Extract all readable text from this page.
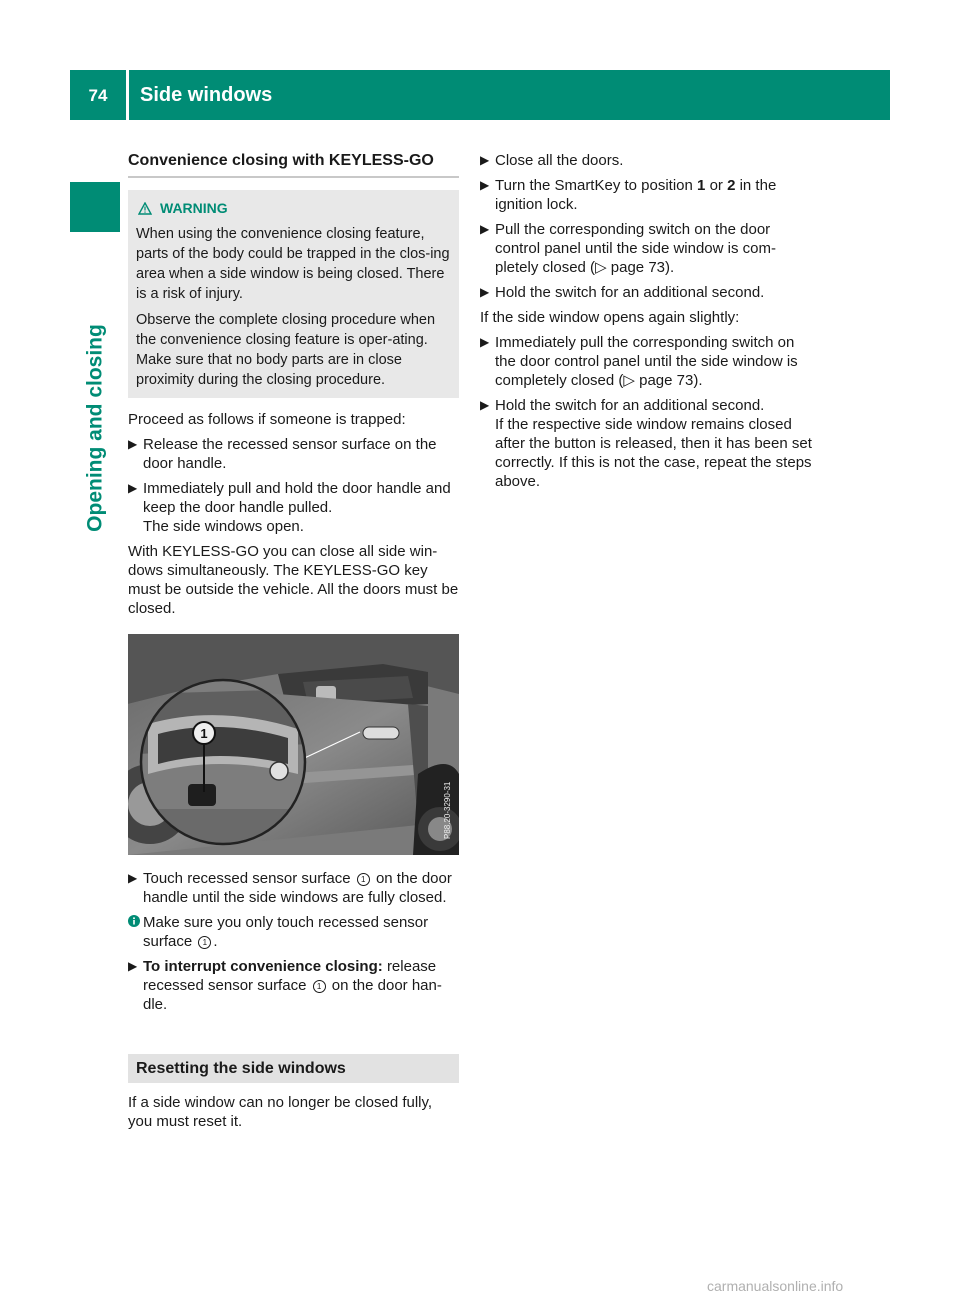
74	Side windows
Opening and closing
Convenience closing with KEYLESS-GO
WARNING

When using the convenience closing feature, parts of the body could be trapped in the clos-ing area when a side window is being closed. There is a risk of injury.

Observe the complete closing procedure when the convenience closing feature is oper-ating. Make sure that no body parts are in close proximity during the closing procedure.

Proceed as follows if someone is trapped:

▶ Release the recessed sensor surface on the door handle.
▶ Immediately pull and hold the door handle and keep the door handle pulled.
The side windows open.

With KEYLESS-GO you can close all side win-dows simultaneously. The KEYLESS-GO key must be outside the vehicle. All the doors must be closed.

1
P88.20-3290-31
▶ Touch recessed sensor surface 1 on the door handle until the side windows are fully closed.
Make sure you only touch recessed sensor surface 1 .
▶ To interrupt convenience closing: release recessed sensor surface 1 on the door han-dle.
Resetting the side windows

If a side window can no longer be closed fully, you must reset it.

▶ Close all the doors.
▶ Turn the SmartKey to position 1 or 2 in the ignition lock.
▶ Pull the corresponding switch on the door control panel until the side window is com-pletely closed (▷ page 73).
▶ Hold the switch for an additional second.

If the side window opens again slightly:

▶ Immediately pull the corresponding switch on the door control panel until the side window is completely closed (▷ page 73).
▶ Hold the switch for an additional second.
If the respective side window remains closed after the button is released, then it has been set correctly. If this is not the case, repeat the steps above.
carmanualsonline.info
